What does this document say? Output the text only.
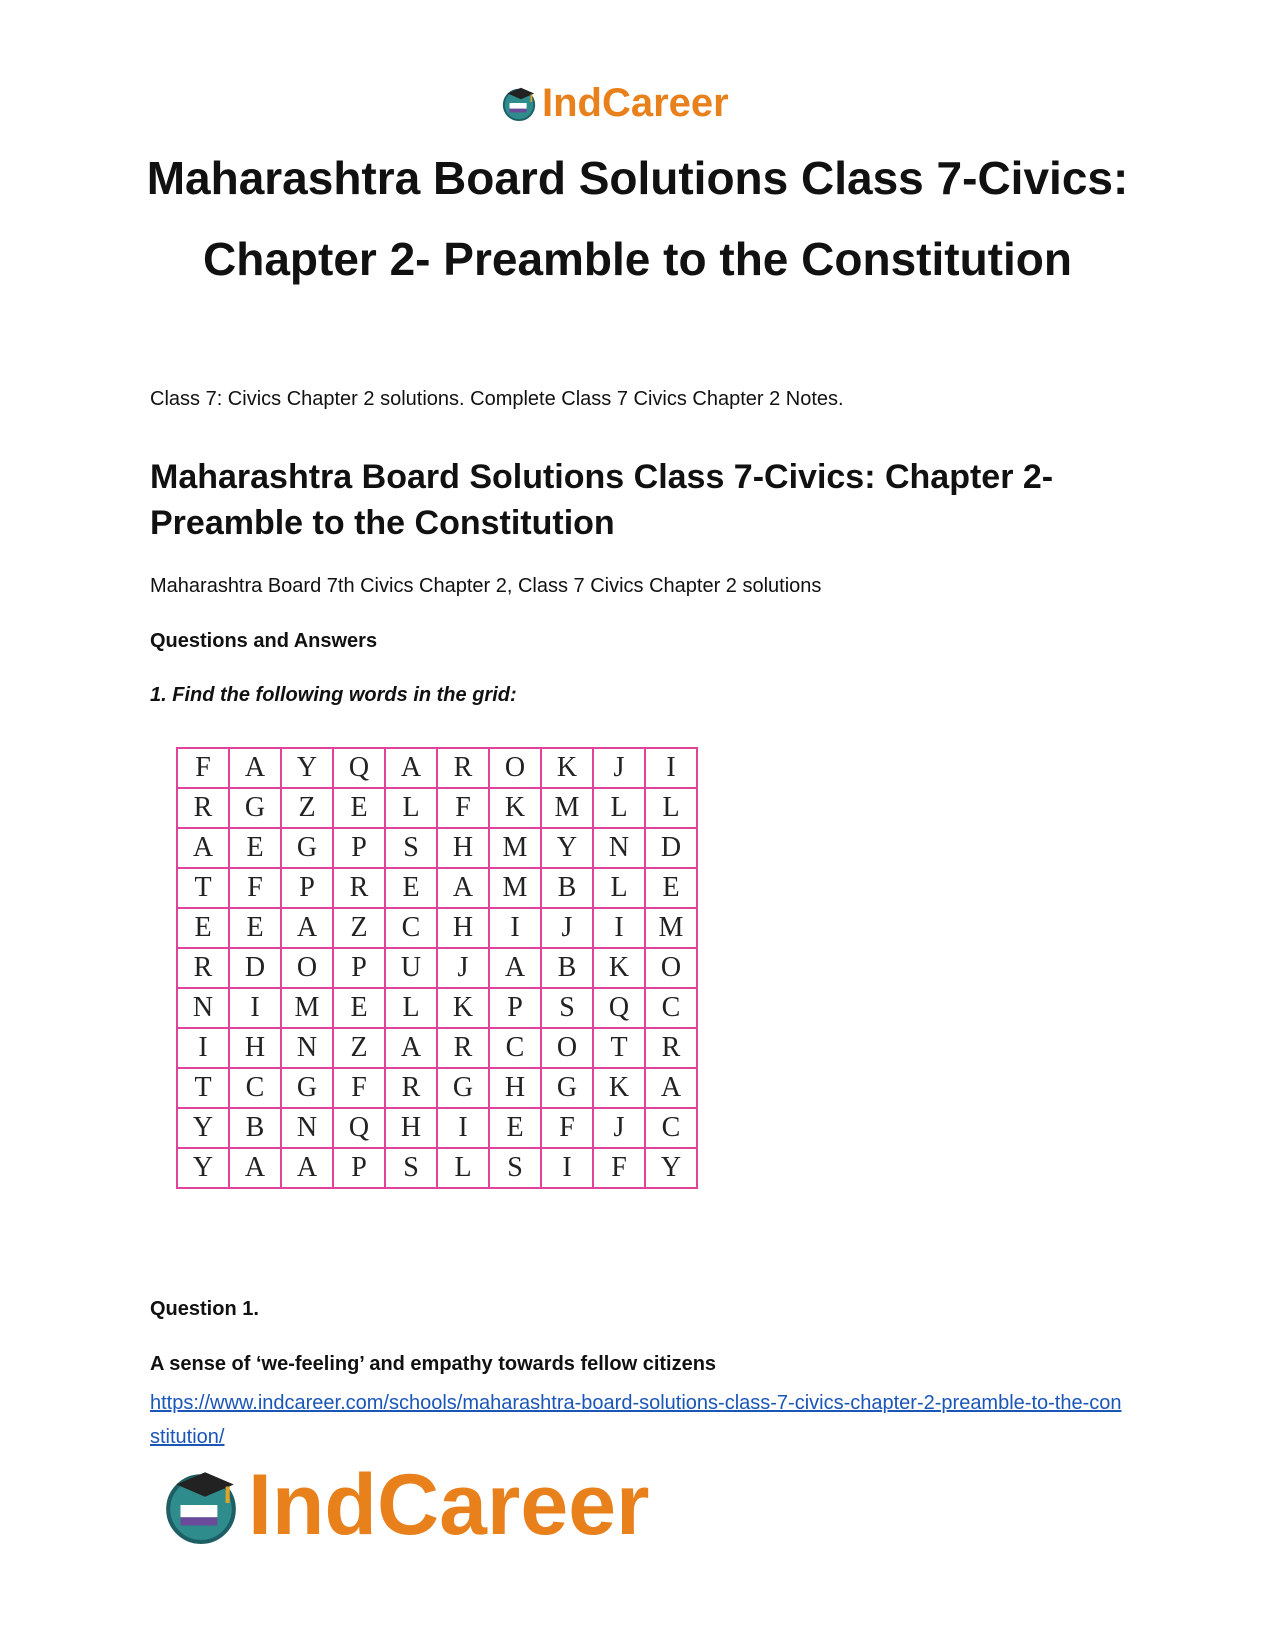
IndCareer
Maharashtra Board Solutions Class 7-Civics:
Chapter 2- Preamble to the Constitution

Class 7: Civics Chapter 2 solutions. Complete Class 7 Civics Chapter 2 Notes.

Maharashtra Board Solutions Class 7-Civics: Chapter 2- Preamble to the Constitution

Maharashtra Board 7th Civics Chapter 2, Class 7 Civics Chapter 2 solutions

Questions and Answers

1. Find the following words in the grid:

F	A	Y	Q	A	R	O	K	J	I
R	G	Z	E	L	F	K	M	L	L
A	E	G	P	S	H	M	Y	N	D
T	F	P	R	E	A	M	B	L	E
E	E	A	Z	C	H	I	J	I	M
R	D	O	P	U	J	A	B	K	O
N	I	M	E	L	K	P	S	Q	C
I	H	N	Z	A	R	C	O	T	R
T	C	G	F	R	G	H	G	K	A
Y	B	N	Q	H	I	E	F	J	C
Y	A	A	P	S	L	S	I	F	Y

Question 1.

A sense of ‘we-feeling’ and empathy towards fellow citizens

https://www.indcareer.com/schools/maharashtra-board-solutions-class-7-civics-chapter-2-preamble-to-the-constitution/
IndCareer
